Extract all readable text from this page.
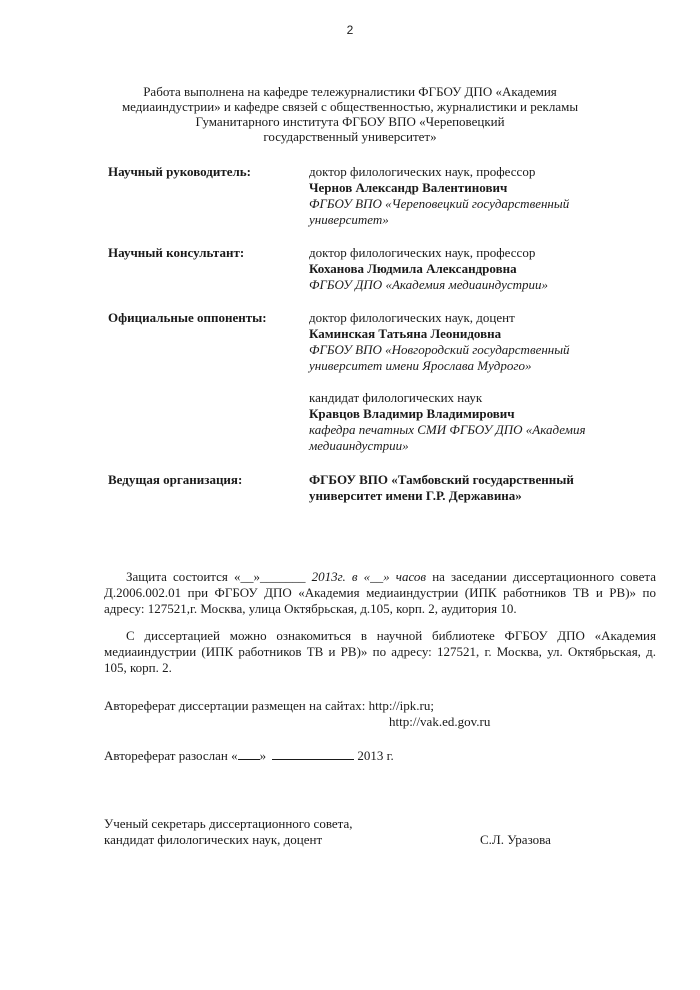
2
Работа выполнена на кафедре тележурналистики ФГБОУ ДПО «Академия
медиаиндустрии» и кафедре связей с общественностью, журналистики и рекламы
Гуманитарного института ФГБОУ ВПО «Череповецкий
государственный университет»
Научный руководитель:	доктор филологических наук, профессор
Чернов Александр Валентинович
ФГБОУ ВПО «Череповецкий государственный
университет»
Научный консультант:	доктор филологических наук, профессор
Коханова Людмила Александровна
ФГБОУ ДПО «Академия медиаиндустрии»
Официальные оппоненты:	доктор филологических наук, доцент
Каминская Татьяна Леонидовна
ФГБОУ ВПО «Новгородский государственный
университет имени Ярослава Мудрого»
кандидат филологических наук
Кравцов Владимир Владимирович
кафедра печатных СМИ ФГБОУ ДПО «Академия
медиаиндустрии»
Ведущая организация:	ФГБОУ ВПО «Тамбовский государственный
университет имени Г.Р. Державина»
Защита состоится «__»_______ 2013г. в «__» часов на заседании диссертационного совета Д.2006.002.01 при ФГБОУ ДПО «Академия медиаиндустрии (ИПК работников ТВ и РВ)» по адресу: 127521,г. Москва, улица Октябрьская, д.105, корп. 2, аудитория 10.
С диссертацией можно ознакомиться в научной библиотеке ФГБОУ ДПО «Академия медиаиндустрии (ИПК работников ТВ и РВ)» по адресу: 127521, г. Москва, ул. Октябрьская, д. 105, корп. 2.
Автореферат диссертации размещен на сайтах: http://ipk.ru;
http://vak.ed.gov.ru
Автореферат разослан « »	2013 г.
Ученый секретарь диссертационного совета,
кандидат филологических наук, доцент	С.Л. Уразова
